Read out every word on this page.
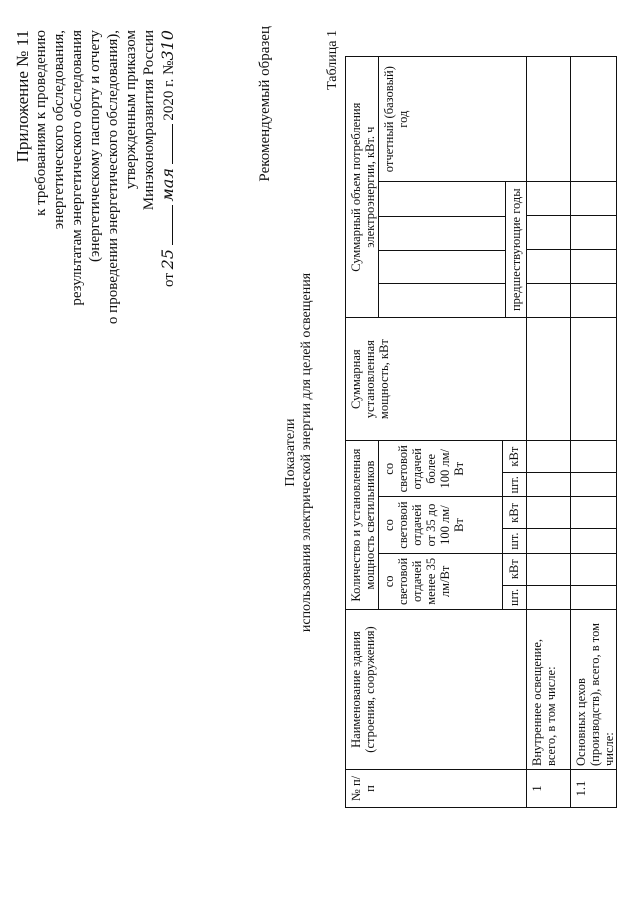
Приложение № 11 к требованиям к проведению энергетического обследования, результатам энергетического обследования (энергетическому паспорту и отчету о проведении энергетического обследования), утвержденным приказом Минэкономразвития России
от 25  мая  2020 г. №310	Рекомендуемый образец
Показатели использования электрической энергии для целей освещения
Таблица 1
№ п/п	Наименование здания (строения, сооружения)	Количество и установленная мощность светильников						Суммарная установленная мощность, кВт	Суммарный объем потребления электроэнергии, кВт. ч				
		со световой отдачей менее 35 лм/Вт		со световой отдачей от 35 до 100 лм/Вт		со световой отдачей более 100 лм/Вт			предшествующие годы				отчетный (базовый) год
		шт.	кВт	шт.	кВт	шт.	кВт						
1	Внутреннее освещение, всего, в том числе:												
1.1	Основных цехов (производств), всего, в том числе:												
